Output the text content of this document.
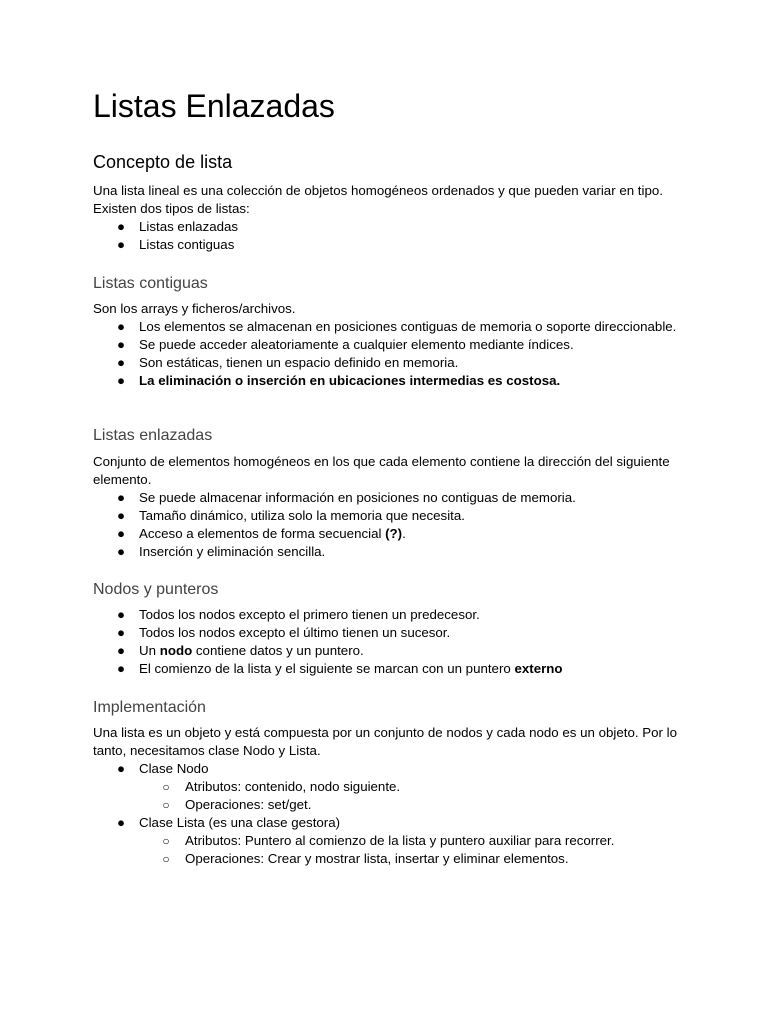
Listas Enlazadas
Concepto de lista

Una lista lineal es una colección de objetos homogéneos ordenados y que pueden variar en tipo. Existen dos tipos de listas:

● Listas enlazadas
● Listas contiguas
Listas contiguas

Son los arrays y ficheros/archivos.

● Los elementos se almacenan en posiciones contiguas de memoria o soporte direccionable.
● Se puede acceder aleatoriamente a cualquier elemento mediante índices.
● Son estáticas, tienen un espacio definido en memoria.
● La eliminación o inserción en ubicaciones intermedias es costosa.
Listas enlazadas

Conjunto de elementos homogéneos en los que cada elemento contiene la dirección del siguiente elemento.

● Se puede almacenar información en posiciones no contiguas de memoria.
● Tamaño dinámico, utiliza solo la memoria que necesita.
● Acceso a elementos de forma secuencial (?).
● Inserción y eliminación sencilla.
Nodos y punteros
● Todos los nodos excepto el primero tienen un predecesor.
● Todos los nodos excepto el último tienen un sucesor.
● Un nodo contiene datos y un puntero.
● El comienzo de la lista y el siguiente se marcan con un puntero externo
Implementación

Una lista es un objeto y está compuesta por un conjunto de nodos y cada nodo es un objeto. Por lo tanto, necesitamos clase Nodo y Lista.

● Clase Nodo
○ Atributos: contenido, nodo siguiente.
○ Operaciones: set/get.
● Clase Lista (es una clase gestora)
○ Atributos: Puntero al comienzo de la lista y puntero auxiliar para recorrer.
○ Operaciones: Crear y mostrar lista, insertar y eliminar elementos.
